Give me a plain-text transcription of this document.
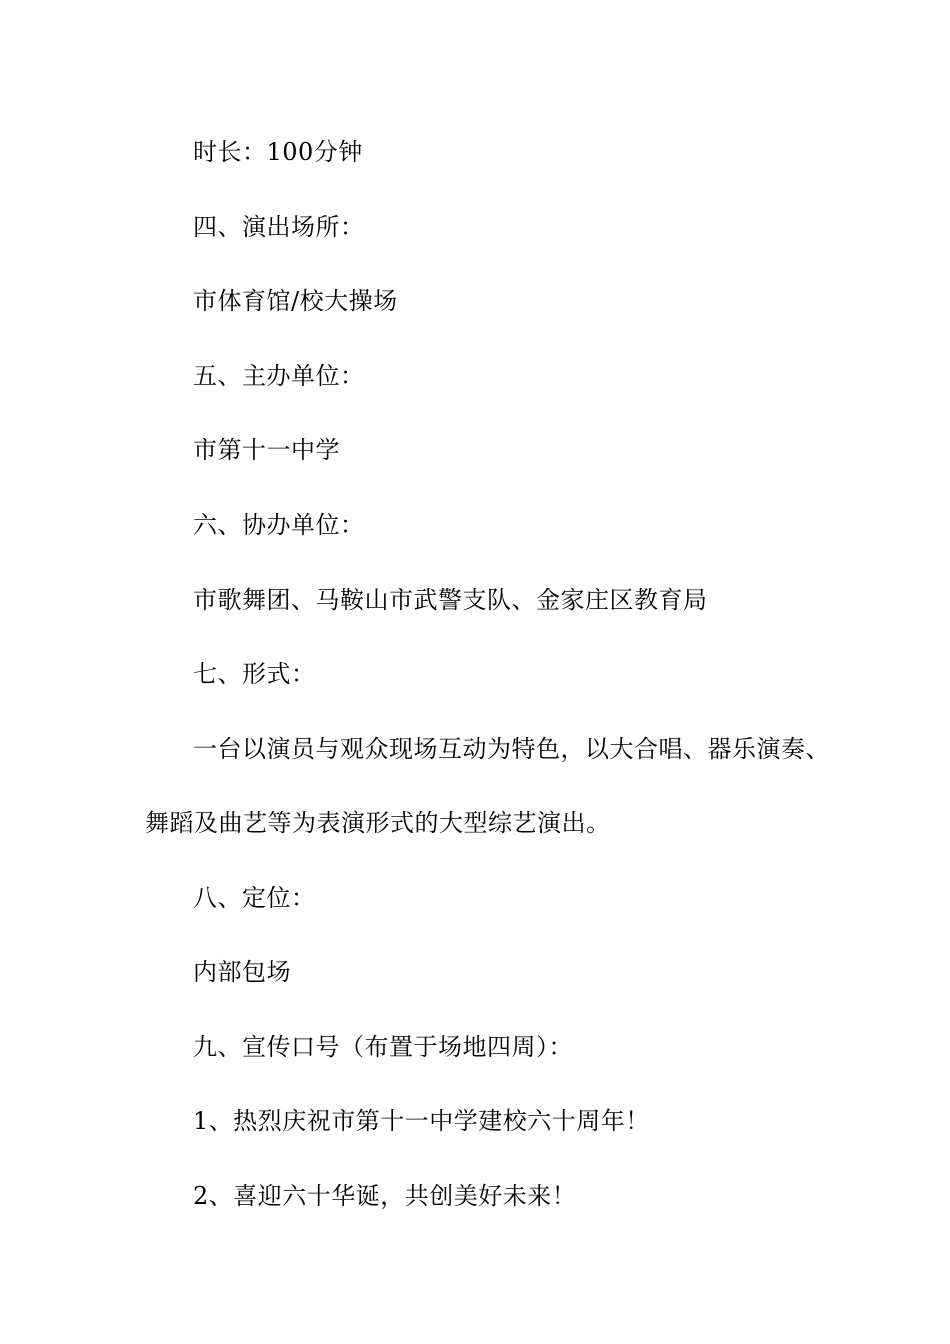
时长：100分钟
四、演出场所：
市体育馆/校大操场
五、主办单位：
市第十一中学
六、协办单位：
市歌舞团、马鞍山市武警支队、金家庄区教育局
七、形式：
一台以演员与观众现场互动为特色，以大合唱、器乐演奏、
舞蹈及曲艺等为表演形式的大型综艺演出。
八、定位：
内部包场
九、宣传口号（布置于场地四周）：
1、热烈庆祝市第十一中学建校六十周年！
2、喜迎六十华诞，共创美好未来！
